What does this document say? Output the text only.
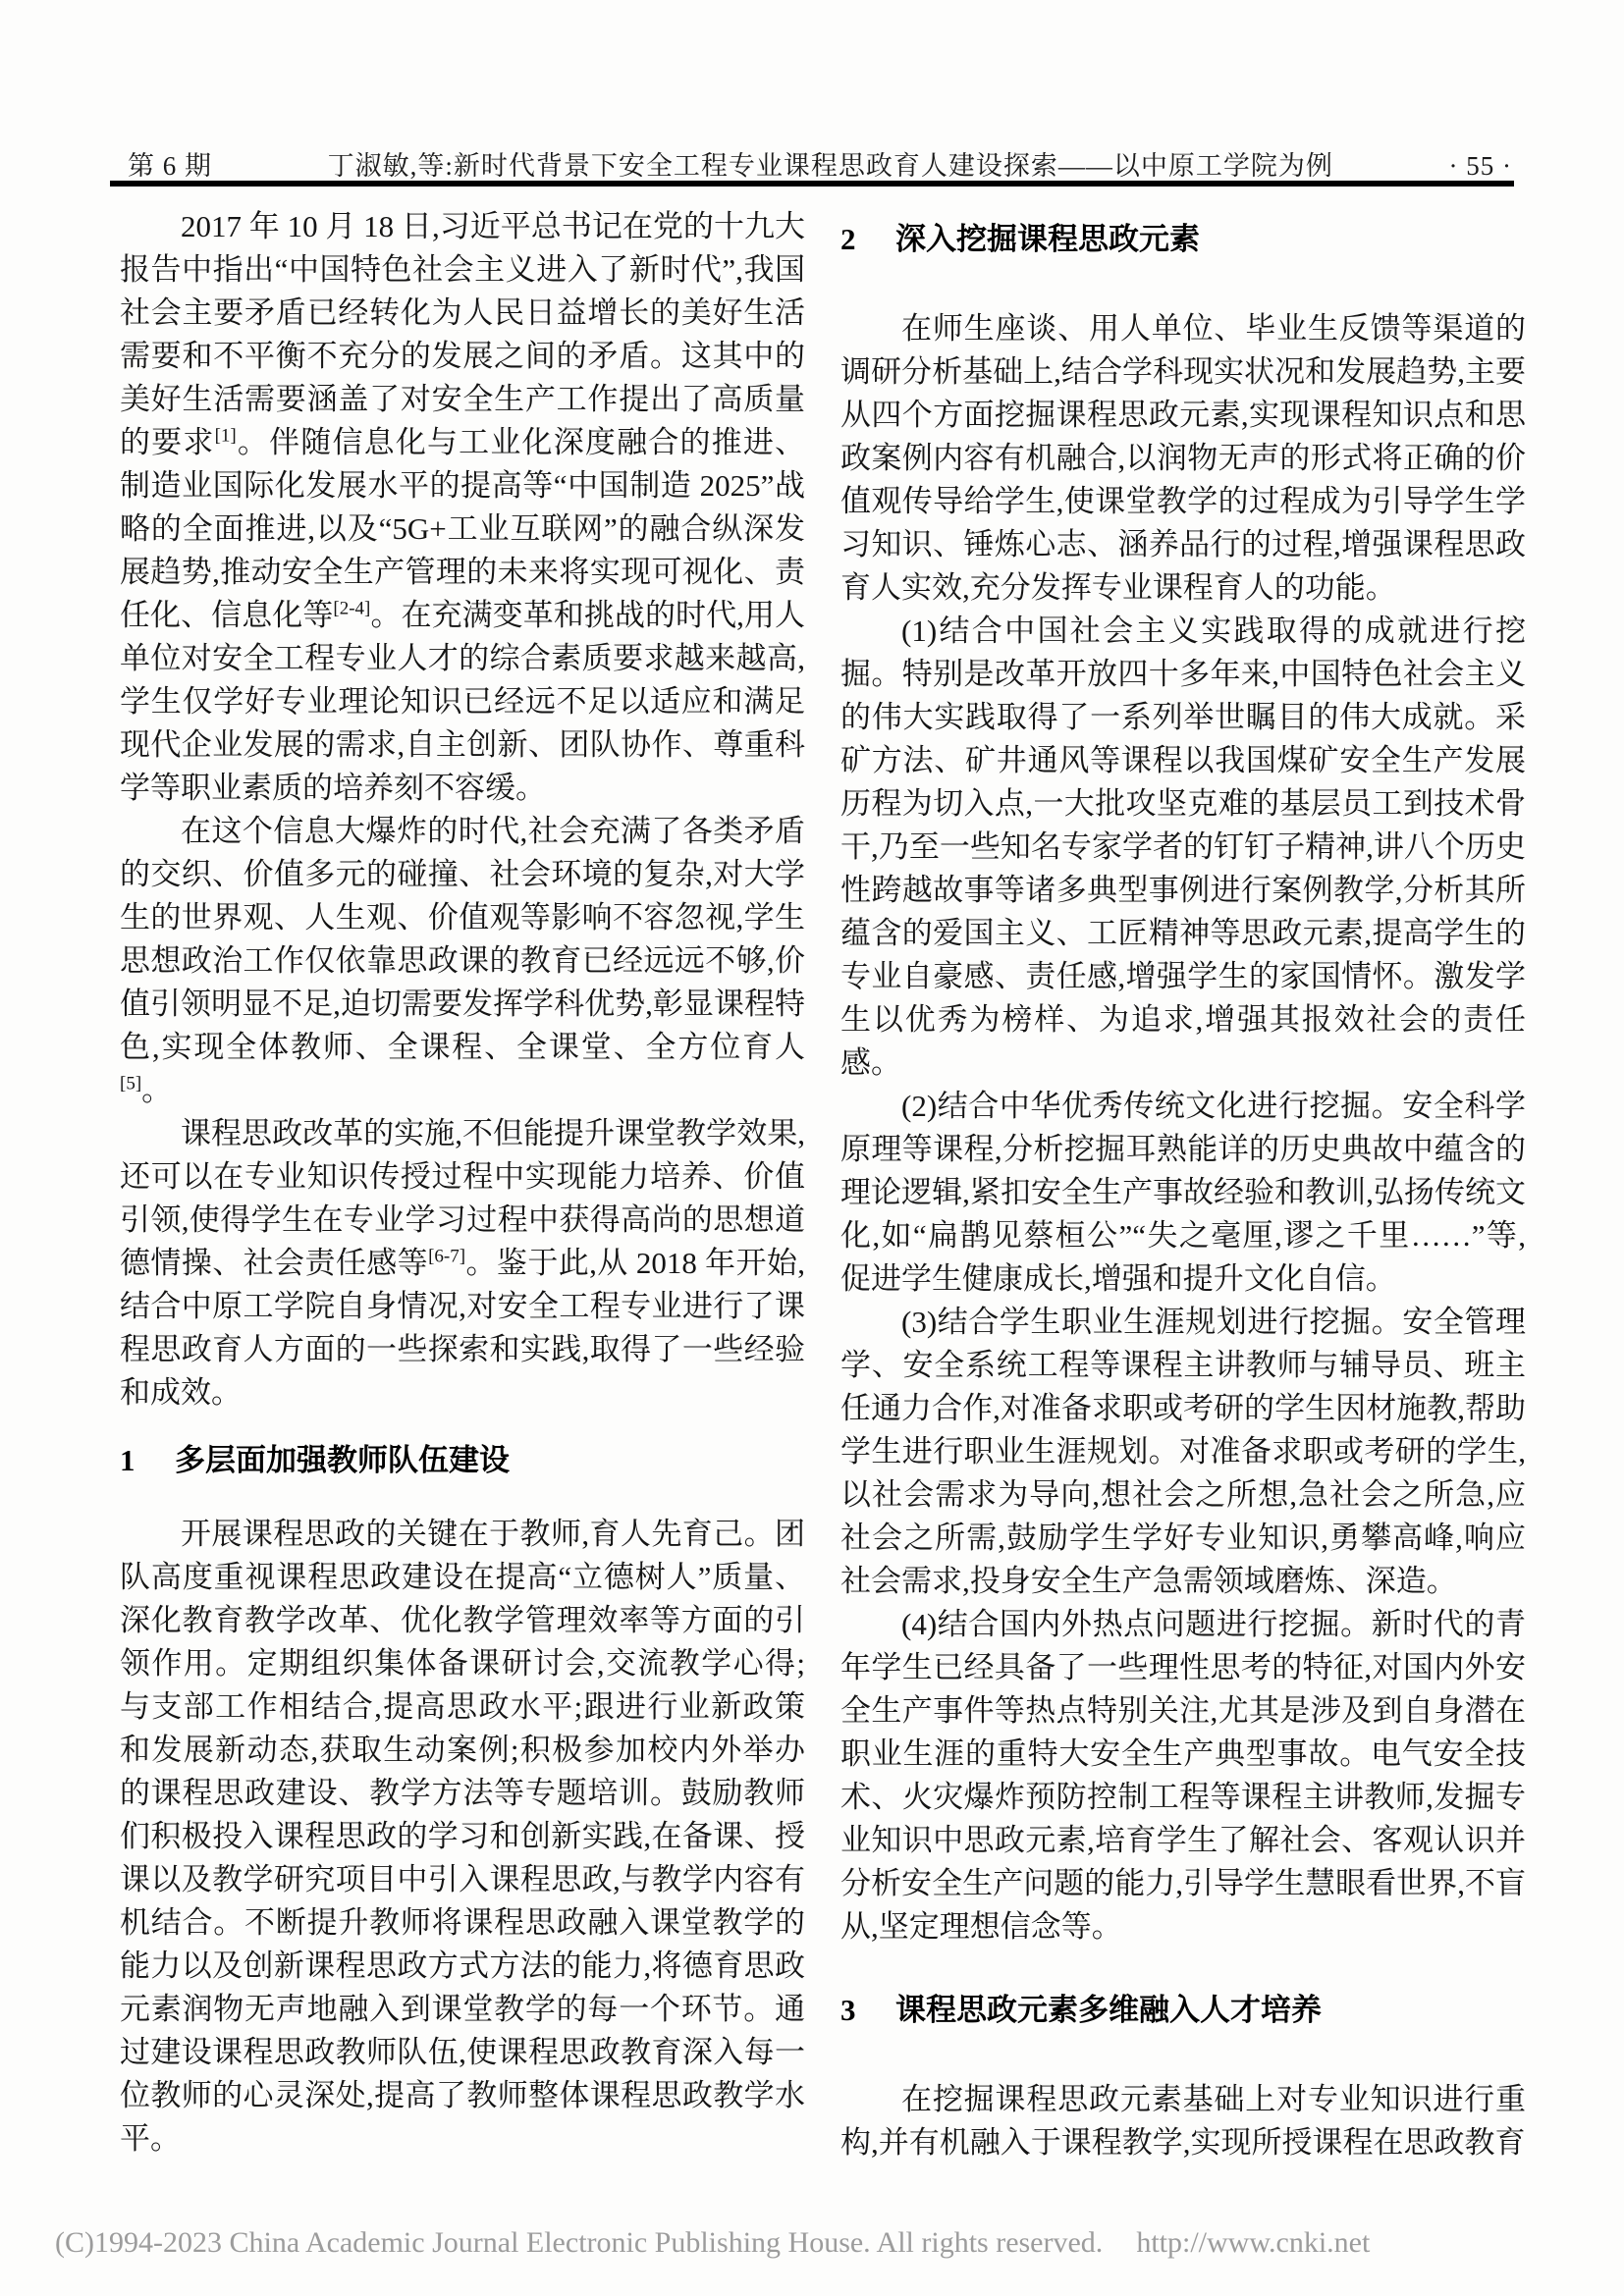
第 6 期	丁淑敏,等:新时代背景下安全工程专业课程思政育人建设探索——以中原工学院为例	· 55 ·

2017 年 10 月 18 日,习近平总书记在党的十九大报告中指出“中国特色社会主义进入了新时代”,我国社会主要矛盾已经转化为人民日益增长的美好生活需要和不平衡不充分的发展之间的矛盾。这其中的美好生活需要涵盖了对安全生产工作提出了高质量的要求[1]。伴随信息化与工业化深度融合的推进、制造业国际化发展水平的提高等“中国制造 2025”战略的全面推进,以及“5G+工业互联网”的融合纵深发展趋势,推动安全生产管理的未来将实现可视化、责任化、信息化等[2-4]。在充满变革和挑战的时代,用人单位对安全工程专业人才的综合素质要求越来越高,学生仅学好专业理论知识已经远不足以适应和满足现代企业发展的需求,自主创新、团队协作、尊重科学等职业素质的培养刻不容缓。

在这个信息大爆炸的时代,社会充满了各类矛盾的交织、价值多元的碰撞、社会环境的复杂,对大学生的世界观、人生观、价值观等影响不容忽视,学生思想政治工作仅依靠思政课的教育已经远远不够,价值引领明显不足,迫切需要发挥学科优势,彰显课程特色,实现全体教师、全课程、全课堂、全方位育人[5]。

课程思政改革的实施,不但能提升课堂教学效果,还可以在专业知识传授过程中实现能力培养、价值引领,使得学生在专业学习过程中获得高尚的思想道德情操、社会责任感等[6-7]。鉴于此,从 2018 年开始,结合中原工学院自身情况,对安全工程专业进行了课程思政育人方面的一些探索和实践,取得了一些经验和成效。

1	多层面加强教师队伍建设

开展课程思政的关键在于教师,育人先育己。团队高度重视课程思政建设在提高“立德树人”质量、深化教育教学改革、优化教学管理效率等方面的引领作用。定期组织集体备课研讨会,交流教学心得;与支部工作相结合,提高思政水平;跟进行业新政策和发展新动态,获取生动案例;积极参加校内外举办的课程思政建设、教学方法等专题培训。鼓励教师们积极投入课程思政的学习和创新实践,在备课、授课以及教学研究项目中引入课程思政,与教学内容有机结合。不断提升教师将课程思政融入课堂教学的能力以及创新课程思政方式方法的能力,将德育思政元素润物无声地融入到课堂教学的每一个环节。通过建设课程思政教师队伍,使课程思政教育深入每一位教师的心灵深处,提高了教师整体课程思政教学水平。

2	深入挖掘课程思政元素

在师生座谈、用人单位、毕业生反馈等渠道的调研分析基础上,结合学科现实状况和发展趋势,主要从四个方面挖掘课程思政元素,实现课程知识点和思政案例内容有机融合,以润物无声的形式将正确的价值观传导给学生,使课堂教学的过程成为引导学生学习知识、锤炼心志、涵养品行的过程,增强课程思政育人实效,充分发挥专业课程育人的功能。

(1)结合中国社会主义实践取得的成就进行挖掘。特别是改革开放四十多年来,中国特色社会主义的伟大实践取得了一系列举世瞩目的伟大成就。采矿方法、矿井通风等课程以我国煤矿安全生产发展历程为切入点,一大批攻坚克难的基层员工到技术骨干,乃至一些知名专家学者的钉钉子精神,讲八个历史性跨越故事等诸多典型事例进行案例教学,分析其所蕴含的爱国主义、工匠精神等思政元素,提高学生的专业自豪感、责任感,增强学生的家国情怀。激发学生以优秀为榜样、为追求,增强其报效社会的责任感。

(2)结合中华优秀传统文化进行挖掘。安全科学原理等课程,分析挖掘耳熟能详的历史典故中蕴含的理论逻辑,紧扣安全生产事故经验和教训,弘扬传统文化,如“扁鹊见蔡桓公”“失之毫厘,谬之千里……”等,促进学生健康成长,增强和提升文化自信。

(3)结合学生职业生涯规划进行挖掘。安全管理学、安全系统工程等课程主讲教师与辅导员、班主任通力合作,对准备求职或考研的学生因材施教,帮助学生进行职业生涯规划。对准备求职或考研的学生,以社会需求为导向,想社会之所想,急社会之所急,应社会之所需,鼓励学生学好专业知识,勇攀高峰,响应社会需求,投身安全生产急需领域磨炼、深造。

(4)结合国内外热点问题进行挖掘。新时代的青年学生已经具备了一些理性思考的特征,对国内外安全生产事件等热点特别关注,尤其是涉及到自身潜在职业生涯的重特大安全生产典型事故。电气安全技术、火灾爆炸预防控制工程等课程主讲教师,发掘专业知识中思政元素,培育学生了解社会、客观认识并分析安全生产问题的能力,引导学生慧眼看世界,不盲从,坚定理想信念等。

3	课程思政元素多维融入人才培养

在挖掘课程思政元素基础上对专业知识进行重构,并有机融入于课程教学,实现所授课程在思政教育

(C)1994-2023 China Academic Journal Electronic Publishing House. All rights reserved. http://www.cnki.net
